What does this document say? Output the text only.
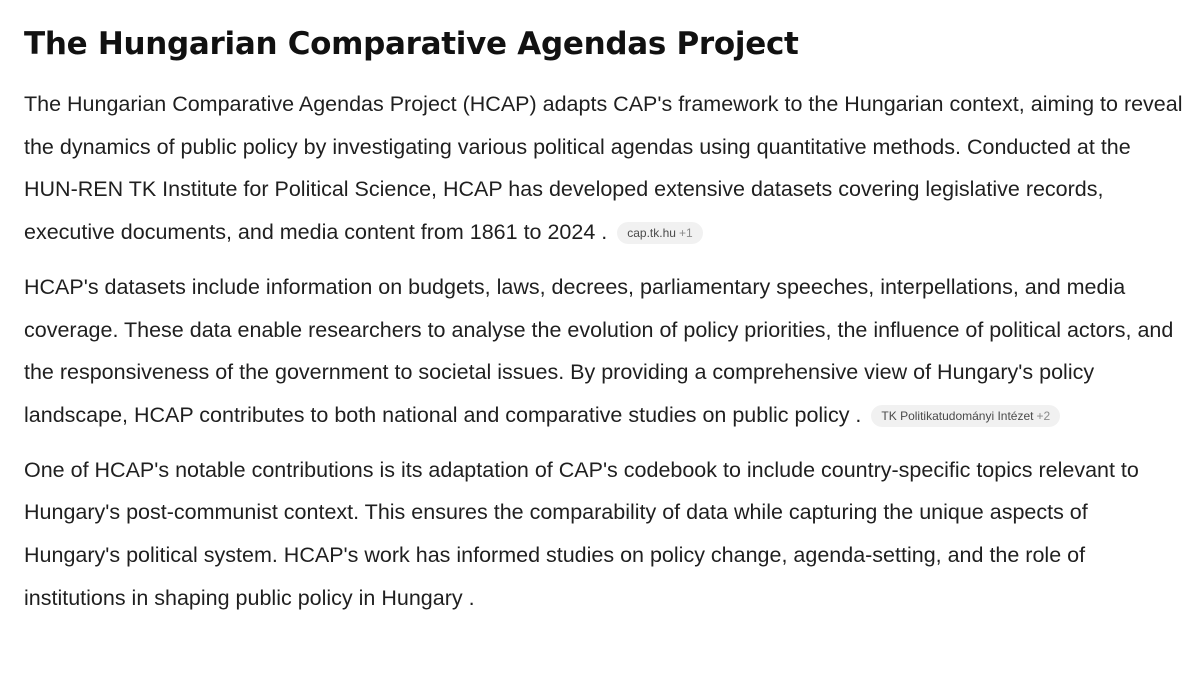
The Hungarian Comparative Agendas Project

The Hungarian Comparative Agendas Project (HCAP) adapts CAP's framework to the Hungarian context, aiming to reveal the dynamics of public policy by investigating various political agendas using quantitative methods. Conducted at the HUN-REN TK Institute for Political Science, HCAP has developed extensive datasets covering legislative records, executive documents, and media content from 1861 to 2024 . cap.tk.hu +1

HCAP's datasets include information on budgets, laws, decrees, parliamentary speeches, interpellations, and media coverage. These data enable researchers to analyse the evolution of policy priorities, the influence of political actors, and the responsiveness of the government to societal issues. By providing a comprehensive view of Hungary's policy landscape, HCAP contributes to both national and comparative studies on public policy . TK Politikatudományi Intézet +2

One of HCAP's notable contributions is its adaptation of CAP's codebook to include country-specific topics relevant to Hungary's post-communist context. This ensures the comparability of data while capturing the unique aspects of Hungary's political system. HCAP's work has informed studies on policy change, agenda-setting, and the role of institutions in shaping public policy in Hungary .
